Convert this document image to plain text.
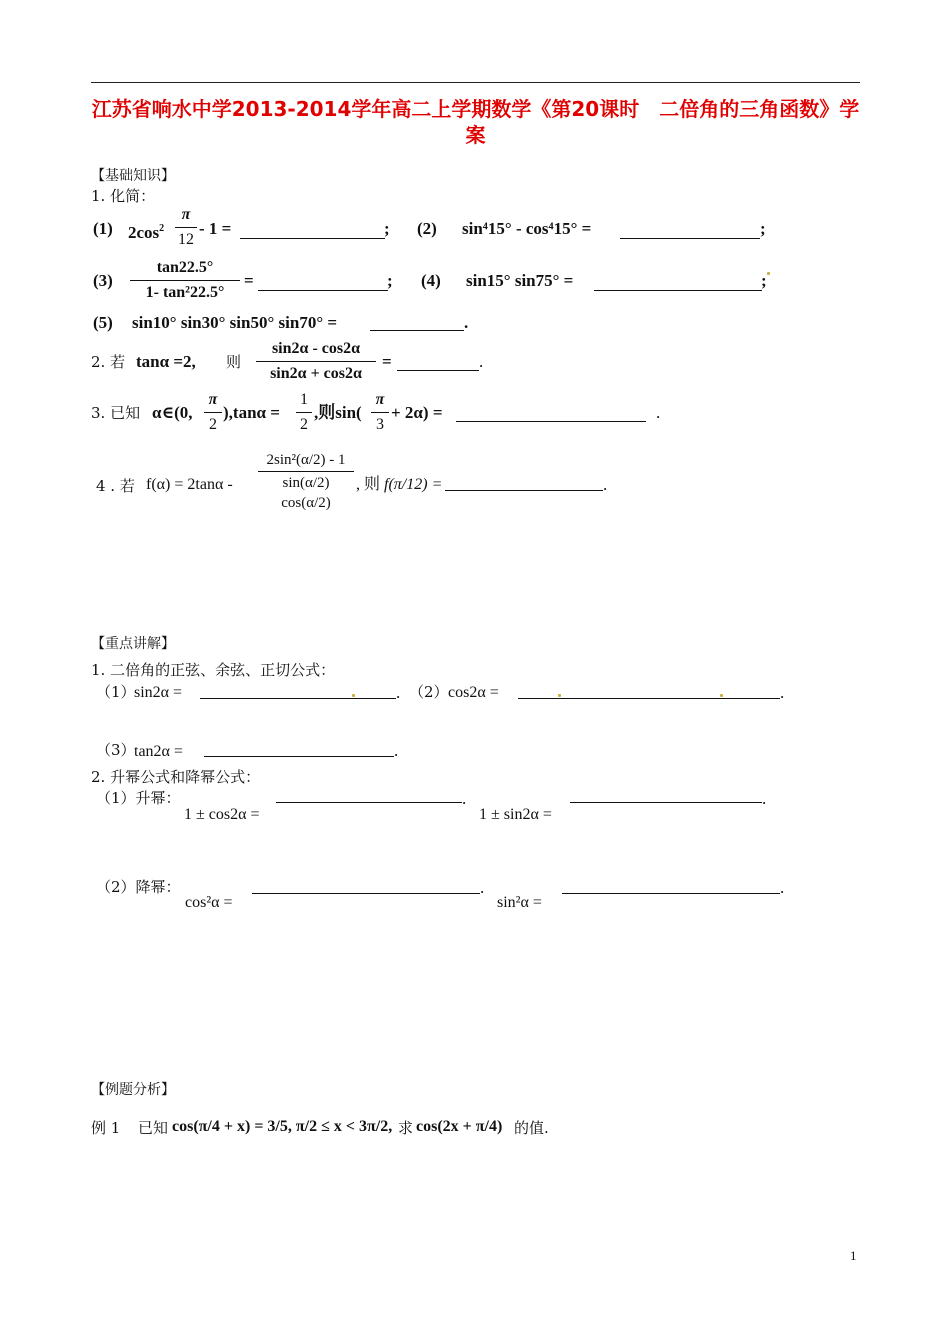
江苏省响水中学2013-2014学年高二上学期数学《第20课时　二倍角的三角函数》学案
【基础知识】
1. 化简：
(1) $2\cos^2$
π
12
- 1 =	; (2) sin⁴15° - cos⁴15° =	;
(3)
tan22.5°
1- tan²22.5°
=	; (4) sin15° sin75° =	;
(5) sin10° sin30° sin50° sin70° =	.
2. 若 tanα =2, 则
sin2α - cos2α
sin2α + cos2α
=	.
3. 已知 α∈(0,
π
2
),tanα =
1
2
,则sin(
π
3
+ 2α) =	.
4 . 若 f(α) = 2tanα -
2sin²(α/2) - 1
sin(α/2) cos(α/2)
, 则 f(π/12) =	.
【重点讲解】
1. 二倍角的正弦、余弦、正切公式：
（1）
sin2α =	. （2） cos2α =	.
（3）
tan2α =	.
2. 升幂公式和降幂公式：
（1）升幂：	.
1 ± cos2α =
.
1 ± sin2α =
（2）降幂：	.
cos²α =
.
sin²α =
【例题分析】
例 1 已知 cos(π/4 + x) = 3/5, π/2 ≤ x < 3π/2, 求 cos(2x + π/4) 的值.
1
